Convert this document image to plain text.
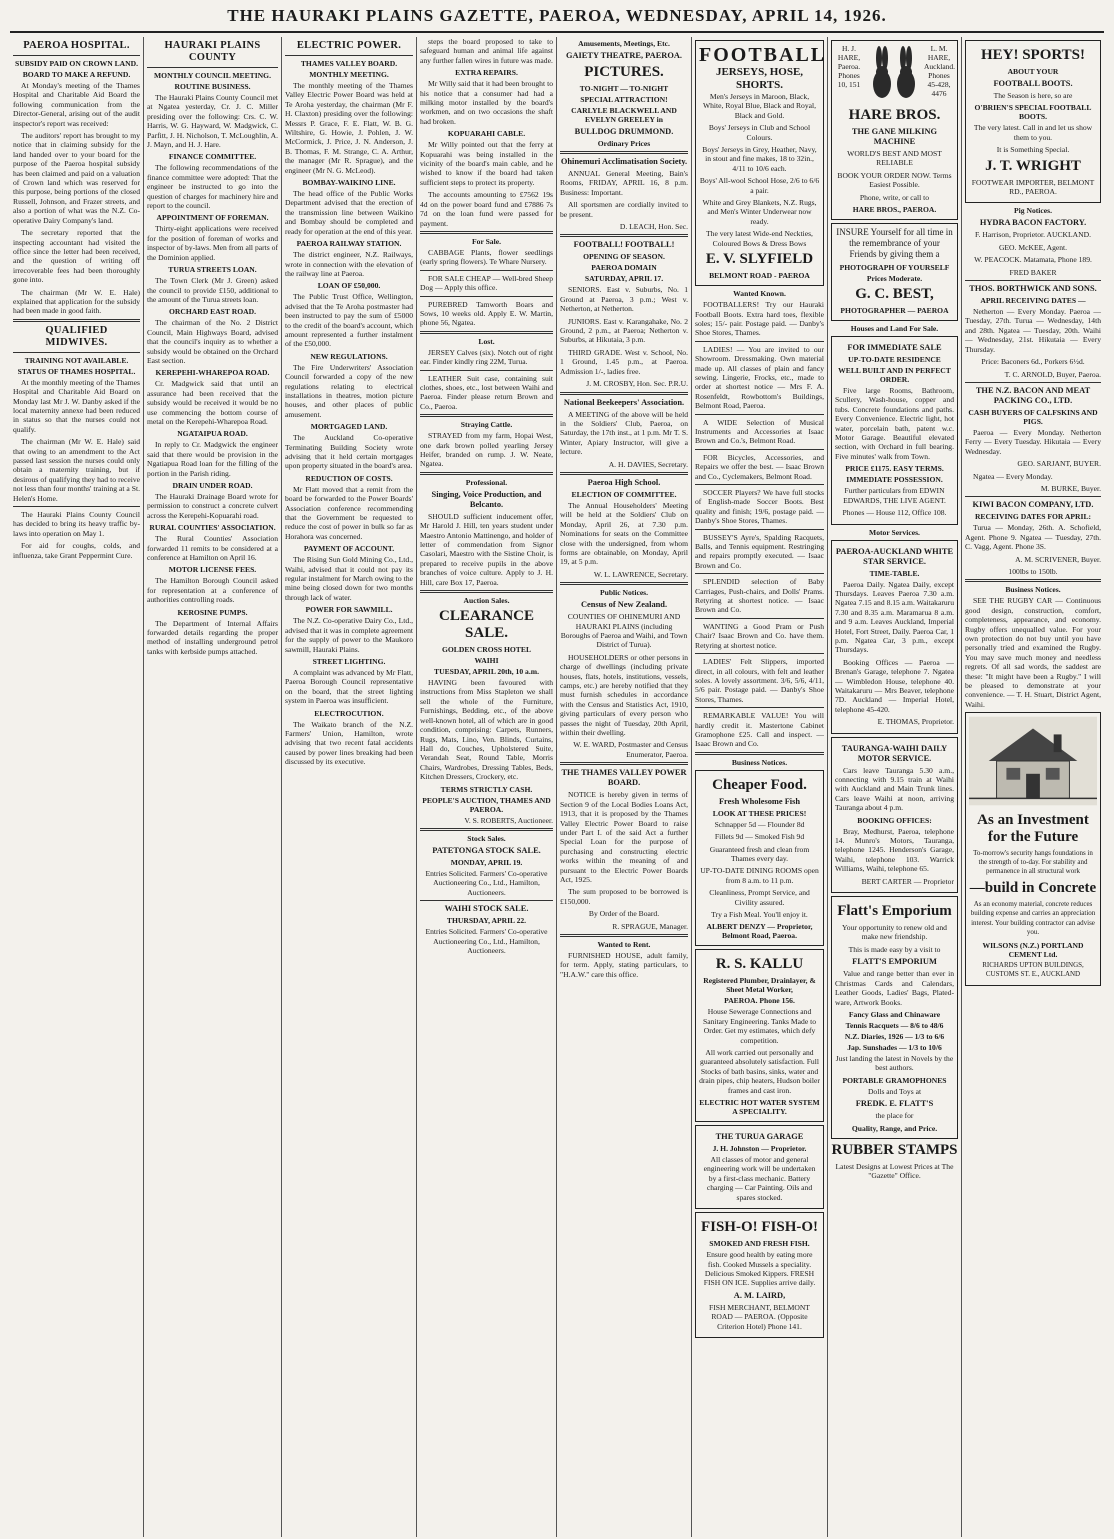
THE HAURAKI PLAINS GAZETTE, PAEROA, WEDNESDAY, APRIL 14, 1926.
PAEROA HOSPITAL.
SUBSIDY PAID ON CROWN LAND.
BOARD TO MAKE A REFUND.

At Monday's meeting of the Thames Hospital and Charitable Aid Board the following communication from the Director-General, arising out of the audit inspector's report was received:

The auditors' report has brought to my notice that in claiming subsidy for the land handed over to your board for the purpose of the Paeroa hospital subsidy has been claimed and paid on a valuation of Crown land which was reserved for this purpose, being portions of the closed Russell, Johnson, and Frazer streets, and also a portion of what was the N.Z. Co-operative Dairy Company's land.

The secretary reported that the inspecting accountant had visited the office since the letter had been received, and the question of writing off irrecoverable fees had been thoroughly gone into.

The chairman (Mr W. E. Hale) explained that application for the subsidy had been made in good faith.

QUALIFIED MIDWIVES.
TRAINING NOT AVAILABLE.
STATUS OF THAMES HOSPITAL.

At the monthly meeting of the Thames Hospital and Charitable Aid Board on Monday last Mr J. W. Danby asked if the local maternity annexe had been reduced in status so that the nurses could not qualify.

The chairman (Mr W. E. Hale) said that owing to an amendment to the Act passed last session the nurses could only obtain a maternity training, but if desirous of qualifying they had to receive not less than four months' training at a St. Helen's Home.

The Hauraki Plains County Council has decided to bring its heavy traffic by-laws into operation on May 1.

For aid for coughs, colds, and influenza, take Grant Peppermint Cure.

HAURAKI PLAINS COUNTY
MONTHLY COUNCIL MEETING.
ROUTINE BUSINESS.

The Hauraki Plains County Council met at Ngatea yesterday, Cr. J. C. Miller presiding over the following: Crs. C. W. Harris, W. G. Hayward, W. Madgwick, C. Parfitt, J. H. Nicholson, T. McLoughlin, A. J. Mayn, and H. J. Hare.

FINANCE COMMITTEE.

The following recommendations of the finance committee were adopted: That the engineer be instructed to go into the question of charges for machinery hire and report to the council.

APPOINTMENT OF FOREMAN.

Thirty-eight applications were received for the position of foreman of works and inspector of by-laws. Men from all parts of the Dominion applied.

TURUA STREETS LOAN.

The Town Clerk (Mr J. Green) asked the council to provide £150, additional to the amount of the Turua streets loan.

ORCHARD EAST ROAD.

The chairman of the No. 2 District Council, Main Highways Board, advised that the council's inquiry as to whether a subsidy would be obtained on the Orchard East section.

KEREPEHI-WHAREPOA ROAD.

Cr. Madgwick said that until an assurance had been received that the subsidy would be received it would be no use commencing the bottom course of metal on the Kerepehi-Wharepoa Road.

NGATAIPUA ROAD.

In reply to Cr. Madgwick the engineer said that there would be provision in the Ngatiapua Road loan for the filling of the portion in the Parish riding.

DRAIN UNDER ROAD.

The Hauraki Drainage Board wrote for permission to construct a concrete culvert across the Kerepehi-Kopuarahi road.

RURAL COUNTIES' ASSOCIATION.

The Rural Counties' Association forwarded 11 remits to be considered at a conference at Hamilton on April 16.

MOTOR LICENSE FEES.

The Hamilton Borough Council asked for representation at a conference of authorities controlling roads.

KEROSINE PUMPS.

The Department of Internal Affairs forwarded details regarding the proper method of installing underground petrol tanks with kerbside pumps attached.

ELECTRIC POWER.
THAMES VALLEY BOARD.
MONTHLY MEETING.

The monthly meeting of the Thames Valley Electric Power Board was held at Te Aroha yesterday, the chairman (Mr F. H. Claxton) presiding over the following: Messrs P. Grace, F. E. Flatt, W. B. G. Wiltshire, G. Howie, J. Pohlen, J. W. McCormick, J. Price, J. N. Anderson, J. B. Thomas, F. M. Strange, C. A. Arthur, the manager (Mr R. Sprague), and the engineer (Mr N. G. McLeod).

BOMBAY-WAIKINO LINE.

The head office of the Public Works Department advised that the erection of the transmission line between Waikino and Bombay should be completed and ready for operation at the end of this year.

PAEROA RAILWAY STATION.

The district engineer, N.Z. Railways, wrote in connection with the elevation of the railway line at Paeroa.

LOAN OF £50,000.

The Public Trust Office, Wellington, advised that the Te Aroha postmaster had been instructed to pay the sum of £5000 to the credit of the board's account, which amount represented a further instalment of the £50,000.

NEW REGULATIONS.

The Fire Underwriters' Association Council forwarded a copy of the new regulations relating to electrical installations in theatres, motion picture houses, and other places of public amusement.

MORTGAGED LAND.

The Auckland Co-operative Terminating Building Society wrote advising that it held certain mortgages upon property situated in the board's area.

REDUCTION OF COSTS.

Mr Flatt moved that a remit from the board be forwarded to the Power Boards' Association conference recommending that the Government be requested to reduce the cost of power in bulk so far as Horahora was concerned.

PAYMENT OF ACCOUNT.

The Rising Sun Gold Mining Co., Ltd., Waihi, advised that it could not pay its regular instalment for March owing to the mine being closed down for two months through lack of water.

POWER FOR SAWMILL.

The N.Z. Co-operative Dairy Co., Ltd., advised that it was in complete agreement for the supply of power to the Maukoro sawmill, Hauraki Plains.

STREET LIGHTING.

A complaint was advanced by Mr Flatt, Paeroa Borough Council representative on the board, that the street lighting system in Paeroa was insufficient.

ELECTROCUTION.

The Waikato branch of the N.Z. Farmers' Union, Hamilton, wrote advising that two recent fatal accidents caused by power lines breaking had been discussed by its executive.

steps the board proposed to take to safeguard human and animal life against any further fallen wires in future was made.

EXTRA REPAIRS.

Mr Willy said that it had been brought to his notice that a consumer had had a milking motor installed by the board's workmen, and on two occasions the shaft had broken.

KOPUARAHI CABLE.

Mr Willy pointed out that the ferry at Kopuarahi was being installed in the vicinity of the board's main cable, and he wished to know if the board had taken sufficient steps to protect its property.

The accounts amounting to £7562 19s 4d on the power board fund and £7886 7s 7d on the loan fund were passed for payment.

For Sale.

CABBAGE Plants, flower seedlings (early spring flowers). Te Whare Nursery.

FOR SALE CHEAP — Well-bred Sheep Dog — Apply this office.

PUREBRED Tamworth Boars and Sows, 10 weeks old. Apply E. W. Martin, phone 56, Ngatea.

Lost.

JERSEY Calves (six). Notch out of right ear. Finder kindly ring 22M, Turua.

LEATHER Suit case, containing suit clothes, shoes, etc., lost between Waihi and Paeroa. Finder please return Brown and Co., Paeroa.

Straying Cattle.

STRAYED from my farm, Hopai West, one dark brown polled yearling Jersey Heifer, branded on rump. J. W. Neate, Ngatea.

Professional.
Singing, Voice Production, and Belcanto.

SHOULD sufficient inducement offer, Mr Harold J. Hill, ten years student under Maestro Antonio Mattinengo, and holder of letter of commendation from Signor Casolari, Maestro with the Sistine Choir, is prepared to receive pupils in the above branches of voice culture. Apply to J. H. Hill, care Box 17, Paeroa.

Auction Sales.
CLEARANCE SALE.
GOLDEN CROSS HOTEL
WAIHI
TUESDAY, APRIL 20th, 10 a.m.

HAVING been favoured with instructions from Miss Stapleton we shall sell the whole of the Furniture, Furnishings, Bedding, etc., of the above well-known hotel, all of which are in good condition, comprising: Carpets, Runners, Rugs, Mats, Lino, Ven. Blinds, Curtains, Hall do, Couches, Upholstered Suite, Verandah Seat, Round Table, Morris Chairs, Wardrobes, Dressing Tables, Beds, Kitchen Dressers, Crockery, etc.

TERMS STRICTLY CASH.
PEOPLE'S AUCTION, THAMES AND PAEROA.

V. S. ROBERTS, Auctioneer.

Stock Sales.
PATETONGA STOCK SALE.
MONDAY, APRIL 19.

Entries Solicited. Farmers' Co-operative Auctioneering Co., Ltd., Hamilton, Auctioneers.

WAIHI STOCK SALE.
THURSDAY, APRIL 22.

Entries Solicited. Farmers' Co-operative Auctioneering Co., Ltd., Hamilton, Auctioneers.

Amusements, Meetings, Etc.
GAIETY THEATRE, PAEROA.
PICTURES.
TO-NIGHT — TO-NIGHT
SPECIAL ATTRACTION!
CARLYLE BLACKWELL AND EVELYN GREELEY in
BULLDOG DRUMMOND.
Ordinary Prices
Ohinemuri Acclimatisation Society.

ANNUAL General Meeting, Bain's Rooms, FRIDAY, APRIL 16, 8 p.m. Business: Important.

All sportsmen are cordially invited to be present.

D. LEACH, Hon. Sec.

FOOTBALL! FOOTBALL!
OPENING OF SEASON.
PAEROA DOMAIN
SATURDAY, APRIL 17.

SENIORS. East v. Suburbs, No. 1 Ground at Paeroa, 3 p.m.; West v. Netherton, at Netherton.

JUNIORS. East v. Karangahake, No. 2 Ground, 2 p.m., at Paeroa; Netherton v. Suburbs, at Hikutaia, 3 p.m.

THIRD GRADE. West v. School, No. 1 Ground, 1.45 p.m., at Paeroa. Admission 1/-, ladies free.

J. M. CROSBY, Hon. Sec. P.R.U.

National Beekeepers' Association.

A MEETING of the above will be held in the Soldiers' Club, Paeroa, on Saturday, the 17th inst., at 1 p.m. Mr T. S. Winter, Apiary Instructor, will give a lecture.

A. H. DAVIES, Secretary.

Paeroa High School.
ELECTION OF COMMITTEE.

The Annual Householders' Meeting will be held at the Soldiers' Club on Monday, April 26, at 7.30 p.m. Nominations for seats on the Committee close with the undersigned, from whom forms are obtainable, on Monday, April 19, at 5 p.m.

W. L. LAWRENCE, Secretary.

Public Notices.
Census of New Zealand.

COUNTIES OF OHINEMURI AND HAURAKI PLAINS (including Boroughs of Paeroa and Waihi, and Town District of Turua).

HOUSEHOLDERS or other persons in charge of dwellings (including private houses, flats, hotels, institutions, vessels, camps, etc.) are hereby notified that they must furnish schedules in accordance with the Census and Statistics Act, 1910, giving particulars of every person who passes the night of Tuesday, 20th April, within their dwelling.

W. E. WARD, Postmaster and Census Enumerator, Paeroa.

THE THAMES VALLEY POWER BOARD.

NOTICE is hereby given in terms of Section 9 of the Local Bodies Loans Act, 1913, that it is proposed by the Thames Valley Electric Power Board to raise under Part I. of the said Act a further Special Loan for the purpose of purchasing and constructing electric works within the meaning of and pursuant to the Electric Power Boards Act, 1925.

The sum proposed to be borrowed is £150,000.

By Order of the Board.

R. SPRAGUE, Manager.

Wanted to Rent.

FURNISHED HOUSE, adult family, for term. Apply, stating particulars, to "H.A.W." care this office.

FOOTBALL
JERSEYS, HOSE, SHORTS.

Men's Jerseys in Maroon, Black, White, Royal Blue, Black and Royal, Black and Gold.

Boys' Jerseys in Club and School Colours.

Boys' Jerseys in Grey, Heather, Navy, in stout and fine makes, 18 to 32in., 4/11 to 10/6 each.

Boys' All-wool School Hose, 2/6 to 6/6 a pair.

White and Grey Blankets, N.Z. Rugs, and Men's Winter Underwear now ready.

The very latest Wide-end Neckties, Coloured Bows & Dress Bows

E. V. SLYFIELD
BELMONT ROAD - PAEROA
Wanted Known.

FOOTBALLERS! Try our Hauraki Football Boots. Extra hard toes, flexible soles; 15/- pair. Postage paid. — Danby's Shoe Stores, Thames.

LADIES! — You are invited to our Showroom. Dressmaking. Own material made up. All classes of plain and fancy sewing. Lingerie, Frocks, etc., made to order at shortest notice — Mrs F. A. Rosenfeldt, Rowbottom's Buildings, Belmont Road, Paeroa.

A WIDE Selection of Musical Instruments and Accessories at Isaac Brown and Co.'s, Belmont Road.

FOR Bicycles, Accessories, and Repairs we offer the best. — Isaac Brown and Co., Cyclemakers, Belmont Road.

SOCCER Players? We have full stocks of English-made Soccer Boots. Best quality and finish; 19/6, postage paid. — Danby's Shoe Stores, Thames.

BUSSEY'S Ayre's, Spalding Racquets, Balls, and Tennis equipment. Restringing and repairs promptly executed. — Isaac Brown and Co.

SPLENDID selection of Baby Carriages, Push-chairs, and Dolls' Prams. Retyring at shortest notice. — Isaac Brown and Co.

WANTING a Good Pram or Push Chair? Isaac Brown and Co. have them. Retyring at shortest notice.

LADIES' Felt Slippers, imported direct, in all colours, with felt and leather soles. A lovely assortment. 3/6, 5/6, 4/11, 5/6 pair. Postage paid. — Danby's Shoe Stores, Thames.

REMARKABLE VALUE! You will hardly credit it. Mastertone Cabinet Gramophone £25. Call and inspect. — Isaac Brown and Co.

Business Notices.
Cheaper Food.
Fresh Wholesome Fish
LOOK AT THESE PRICES!

Schnapper 5d — Flounder 8d

Fillets 9d — Smoked Fish 9d

Guaranteed fresh and clean from Thames every day.

UP-TO-DATE DINING ROOMS open from 8 a.m. to 11 p.m.

Cleanliness, Prompt Service, and Civility assured.

Try a Fish Meal. You'll enjoy it.

ALBERT DENZY — Proprietor, Belmont Road, Paeroa.
R. S. KALLU
Registered Plumber, Drainlayer, & Sheet Metal Worker,
PAEROA. Phone 156.

House Sewerage Connections and Sanitary Engineering. Tanks Made to Order. Get my estimates, which defy competition.

All work carried out personally and guaranteed absolutely satisfaction. Full Stocks of bath basins, sinks, water and drain pipes, chip heaters, Hudson boiler frames and cast iron.

ELECTRIC HOT WATER SYSTEM A SPECIALITY.
THE TURUA GARAGE
J. H. Johnston — Proprietor.

All classes of motor and general engineering work will be undertaken by a first-class mechanic. Battery charging — Car Painting. Oils and spares stocked.

FISH-O! FISH-O!
SMOKED AND FRESH FISH.

Ensure good health by eating more fish. Cooked Mussels a speciality. Delicious Smoked Kippers. FRESH FISH ON ICE. Supplies arrive daily.

A. M. LAIRD,

FISH MERCHANT, BELMONT ROAD — PAEROA. (Opposite Criterion Hotel) Phone 141.

H. J. HARE, Paeroa. Phones 10, 151
L. M. HARE, Auckland. Phones 45-428, 4476
HARE BROS.
THE GANE MILKING MACHINE

WORLD'S BEST AND MOST RELIABLE

BOOK YOUR ORDER NOW. Terms Easiest Possible.

Phone, write, or call to

HARE BROS., PAEROA.

INSURE Yourself for all time in the remembrance of your Friends by giving them a

PHOTOGRAPH OF YOURSELF
Prices Moderate.
G. C. BEST,
PHOTOGRAPHER — PAEROA
Houses and Land For Sale.
FOR IMMEDIATE SALE
UP-TO-DATE RESIDENCE
WELL BUILT AND IN PERFECT ORDER.

Five large Rooms, Bathroom, Scullery, Wash-house, copper and tubs. Concrete foundations and paths. Every Convenience. Electric light, hot water, porcelain bath, patent w.c. Motor Garage. Beautiful elevated section, with Orchard in full bearing. Five minutes' walk from Town.

PRICE £1175. EASY TERMS.
IMMEDIATE POSSESSION.

Further particulars from EDWIN EDWARDS, THE LIVE AGENT.

Phones — House 112, Office 108.

Motor Services.
PAEROA-AUCKLAND WHITE STAR SERVICE.
TIME-TABLE.

Paeroa Daily. Ngatea Daily, except Thursdays. Leaves Paeroa 7.30 a.m. Ngatea 7.15 and 8.15 a.m. Waitakaruru 7.30 and 8.35 a.m. Maramarua 8 a.m. and 9 a.m. Leaves Auckland, Imperial Hotel, Fort Street, Daily. Paeroa Car, 1 p.m. Ngatea Car, 3 p.m., except Thursdays.

Booking Offices — Paeroa — Brenan's Garage, telephone 7. Ngatea — Wimbledon House, telephone 40. Waitakaruru — Mrs Beaver, telephone 7D. Auckland — Imperial Hotel, telephone 45-420.

E. THOMAS, Proprietor.

TAURANGA-WAIHI DAILY MOTOR SERVICE.

Cars leave Tauranga 5.30 a.m., connecting with 9.15 train at Waihi with Auckland and Main Trunk lines. Cars leave Waihi at noon, arriving Tauranga about 4 p.m.

BOOKING OFFICES:

Bray, Medhurst, Paeroa, telephone 14. Munro's Motors, Tauranga, telephone 1245. Henderson's Garage, Waihi, telephone 103. Warrick Williams, Waihi, telephone 65.

BERT CARTER — Proprietor

Flatt's Emporium

Your opportunity to renew old and make new friendship.

This is made easy by a visit to

FLATT'S EMPORIUM

Value and range better than ever in Christmas Cards and Calendars, Leather Goods, Ladies' Bags, Plated-ware, Artwork Books.

Fancy Glass and Chinaware
Tennis Racquets — 8/6 to 48/6
N.Z. Diaries, 1926 — 1/3 to 6/6
Jap. Sunshades — 1/3 to 10/6

Just landing the latest in Novels by the best authors.

PORTABLE GRAMOPHONES

Dolls and Toys at

FREDK. E. FLATT'S

the place for

Quality, Range, and Price.
RUBBER STAMPS

Latest Designs at Lowest Prices at The "Gazette" Office.

HEY! SPORTS!
ABOUT YOUR
FOOTBALL BOOTS.

The Season is here, so are

O'BRIEN'S SPECIAL FOOTBALL BOOTS.

The very latest. Call in and let us show them to you.

It is Something Special.

J. T. WRIGHT

FOOTWEAR IMPORTER, BELMONT RD., PAEROA.

Pig Notices.
HYDRA BACON FACTORY.

F. Harrison, Proprietor. AUCKLAND.

GEO. McKEE, Agent.

W. PEACOCK. Matamata, Phone 189.

FRED BAKER

THOS. BORTHWICK AND SONS.
APRIL RECEIVING DATES —

Netherton — Every Monday. Paeroa — Tuesday, 27th. Turua — Wednesday, 14th and 28th. Ngatea — Tuesday, 20th. Waihi — Wednesday, 21st. Hikutaia — Every Thursday.

Price: Baconers 6d., Porkers 6½d.

T. C. ARNOLD, Buyer, Paeroa.

THE N.Z. BACON AND MEAT PACKING CO., LTD.
CASH BUYERS OF CALFSKINS AND PIGS.

Paeroa — Every Monday. Netherton Ferry — Every Tuesday. Hikutaia — Every Wednesday.

GEO. SARJANT, BUYER.

Ngatea — Every Monday.

M. BURKE, Buyer.

KIWI BACON COMPANY, LTD.
RECEIVING DATES FOR APRIL:

Turua — Monday, 26th. A. Schofield, Agent. Phone 9. Ngatea — Tuesday, 27th. C. Vagg, Agent. Phone 3S.

A. M. SCRIVENER, Buyer.

100lbs to 150lb.

Business Notices.

SEE THE RUGBY CAR — Continuous good design, construction, comfort, completeness, appearance, and economy. Rugby offers unequalled value. For your own protection do not buy until you have personally tried and examined the Rugby. You may save much money and needless regrets. Of all sad words, the saddest are these: "It might have been a Rugby." I will be pleased to demonstrate at your convenience. — T. H. Stuart, District Agent, Waihi.

As an Investment for the Future

To-morrow's security hangs foundations in the strength of to-day. For stability and permanence in all structural work

—build in Concrete

As an economy material, concrete reduces building expense and carries an appreciation interest. Your building contractor can advise you.

WILSONS (N.Z.) PORTLAND CEMENT Ltd.

RICHARDS UPTON BUILDINGS, CUSTOMS ST. E., AUCKLAND
